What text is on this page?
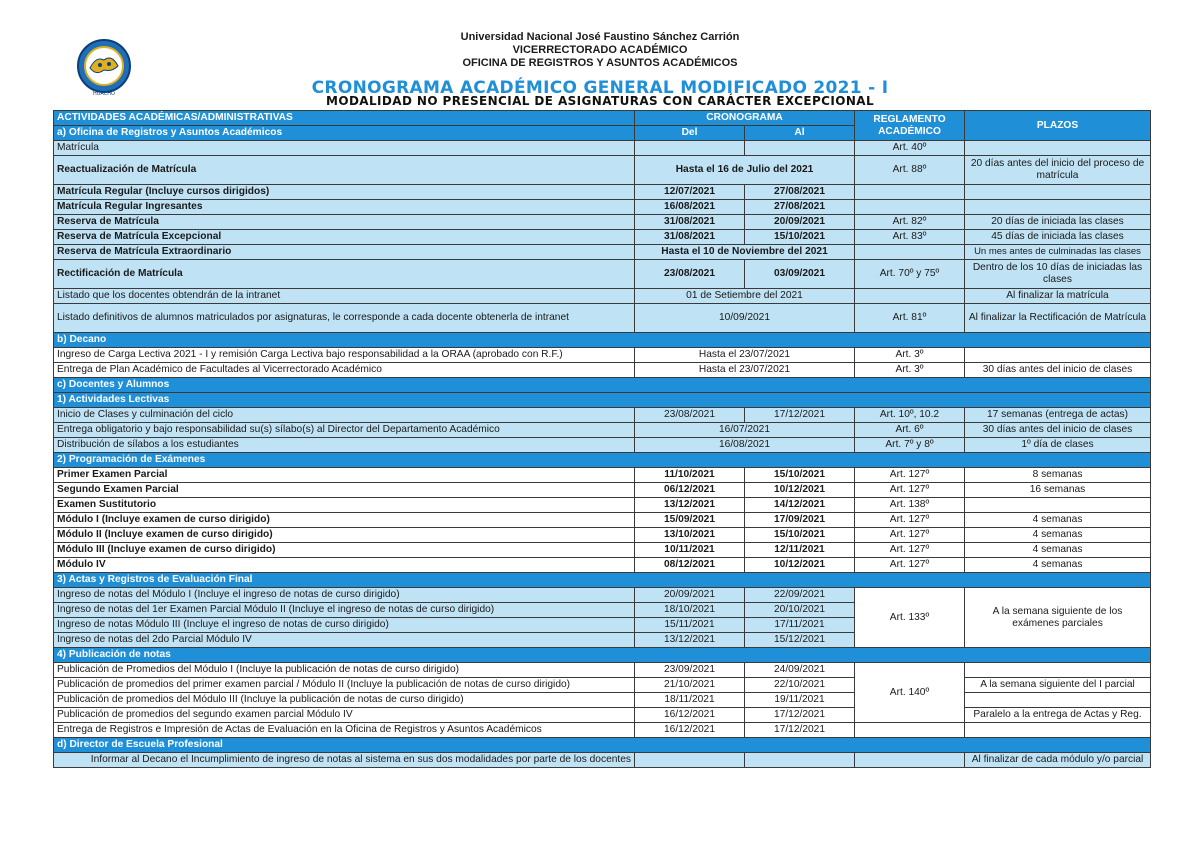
HUACHO
Universidad Nacional José Faustino Sánchez Carrión
VICERRECTORADO ACADÉMICO
OFICINA DE REGISTROS Y ASUNTOS ACADÉMICOS
CRONOGRAMA ACADÉMICO GENERAL MODIFICADO 2021 - I
MODALIDAD NO PRESENCIAL DE ASIGNATURAS CON CARÁCTER EXCEPCIONAL
ACTIVIDADES ACADÉMICAS/ADMINISTRATIVAS	CRONOGRAMA		REGLAMENTO ACADÉMICO	PLAZOS
a) Oficina de Registros y Asuntos Académicos	Del	Al		
Matrícula			Art. 40º	
Reactualización de Matrícula	Hasta el 16 de Julio del 2021		Art. 88º	20 días antes del inicio del proceso de matrícula
Matrícula Regular (Incluye cursos dirigidos)	12/07/2021	27/08/2021		
Matrícula Regular Ingresantes	16/08/2021	27/08/2021		
Reserva de Matrícula	31/08/2021	20/09/2021	Art. 82º	20 días de iniciada las clases
Reserva de Matrícula Excepcional	31/08/2021	15/10/2021	Art. 83º	45 días de iniciada las clases
Reserva de Matrícula Extraordinario	Hasta el 10 de Noviembre del 2021			Un mes antes de culminadas las clases
Rectificación de Matrícula	23/08/2021	03/09/2021	Art. 70º y 75º	Dentro de los 10 días de iniciadas las clases
Listado que los docentes obtendrán de la intranet	01 de Setiembre del 2021			Al finalizar la matrícula
Listado definitivos de alumnos matriculados por asignaturas, le corresponde a cada docente obtenerla de intranet	10/09/2021		Art. 81º	Al finalizar la Rectificación de Matrícula
b) Decano				
Ingreso de Carga Lectiva 2021 - I y remisión Carga Lectiva bajo responsabilidad a la ORAA (aprobado con R.F.)	Hasta el 23/07/2021		Art. 3º	
Entrega de Plan Académico de Facultades al Vicerrectorado Académico	Hasta el 23/07/2021		Art. 3º	30 días antes del inicio de clases
c) Docentes y Alumnos				
1) Actividades Lectivas				
Inicio de Clases y culminación del ciclo	23/08/2021	17/12/2021	Art. 10º, 10.2	17 semanas (entrega de actas)
Entrega obligatorio y bajo responsabilidad su(s) sílabo(s) al Director del Departamento Académico	16/07/2021		Art. 6º	30 días antes del inicio de clases
Distribución de sílabos a los estudiantes	16/08/2021		Art. 7º y 8º	1º día de clases
2) Programación de Exámenes				
Primer Examen Parcial	11/10/2021	15/10/2021	Art. 127º	8 semanas
Segundo Examen Parcial	06/12/2021	10/12/2021	Art. 127º	16 semanas
Examen Sustitutorio	13/12/2021	14/12/2021	Art. 138º	
Módulo I (Incluye examen de curso dirigido)	15/09/2021	17/09/2021	Art. 127º	4 semanas
Módulo II (Incluye examen de curso dirigido)	13/10/2021	15/10/2021	Art. 127º	4 semanas
Módulo III (Incluye examen de curso dirigido)	10/11/2021	12/11/2021	Art. 127º	4 semanas
Módulo IV	08/12/2021	10/12/2021	Art. 127º	4 semanas
3) Actas y Registros de Evaluación Final				
Ingreso de notas del Módulo I (Incluye el ingreso de notas de curso dirigido)	20/09/2021	22/09/2021	Art. 133º	A la semana siguiente de los exámenes parciales
Ingreso de notas del 1er Examen Parcial Módulo II (Incluye el ingreso de notas de curso dirigido)	18/10/2021	20/10/2021		
Ingreso de notas Módulo III (Incluye el ingreso de notas de curso dirigido)	15/11/2021	17/11/2021		
Ingreso de notas del 2do Parcial Módulo IV	13/12/2021	15/12/2021		
4) Publicación de notas				
Publicación de Promedios del Módulo I (Incluye la publicación de notas de curso dirigido)	23/09/2021	24/09/2021	Art. 140º	
Publicación de promedios del primer examen parcial / Módulo II (Incluye la publicación de notas de curso dirigido)	21/10/2021	22/10/2021		A la semana siguiente del I parcial
Publicación de promedios del Módulo III (Incluye la publicación de notas de curso dirigido)	18/11/2021	19/11/2021		
Publicación de promedios del segundo examen parcial Módulo IV	16/12/2021	17/12/2021		Paralelo a la entrega de Actas y Reg.
Entrega de Registros e Impresión de Actas de Evaluación en la Oficina de Registros y Asuntos Académicos	16/12/2021	17/12/2021		
d) Director de Escuela Profesional				
Informar al Decano el Incumplimiento de ingreso de notas al sistema en sus dos modalidades por parte de los docentes				Al finalizar de cada módulo y/o parcial
